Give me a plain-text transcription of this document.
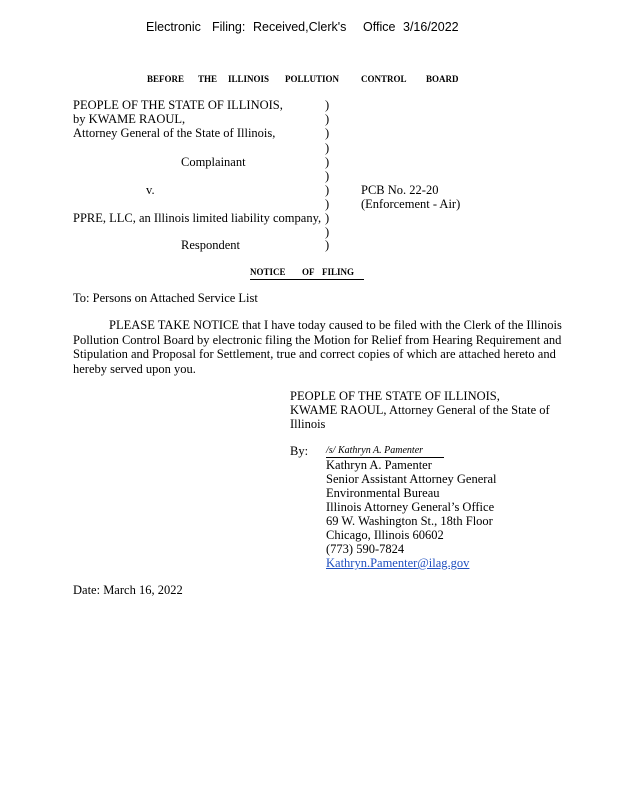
Electronic Filing: Received,Clerk's Office 3/16/2022
BEFORE THE ILLINOIS POLLUTION CONTROL BOARD
PEOPLE OF THE STATE OF ILLINOIS,
by KWAME RAOUL,
Attorney General of the State of Illinois,
Complainant
v.	PCB No. 22-20
(Enforcement - Air)
PPRE, LLC, an Illinois limited liability company,
Respondent
)
)
)
)
)
)
)
)
)
)
)
NOTICE OF FILING
To: Persons on Attached Service List

PLEASE TAKE NOTICE that I have today caused to be filed with the Clerk of the Illinois Pollution Control Board by electronic filing the Motion for Relief from Hearing Requirement and Stipulation and Proposal for Settlement, true and correct copies of which are attached hereto and hereby served upon you.

PEOPLE OF THE STATE OF ILLINOIS,
KWAME RAOUL, Attorney General of the State of
Illinois
By: /s/ Kathryn A. Pamenter
Kathryn A. Pamenter
Senior Assistant Attorney General
Environmental Bureau
Illinois Attorney General’s Office
69 W. Washington St., 18th Floor
Chicago, Illinois 60602
(773) 590-7824
Kathryn.Pamenter@ilag.gov
Date: March 16, 2022
